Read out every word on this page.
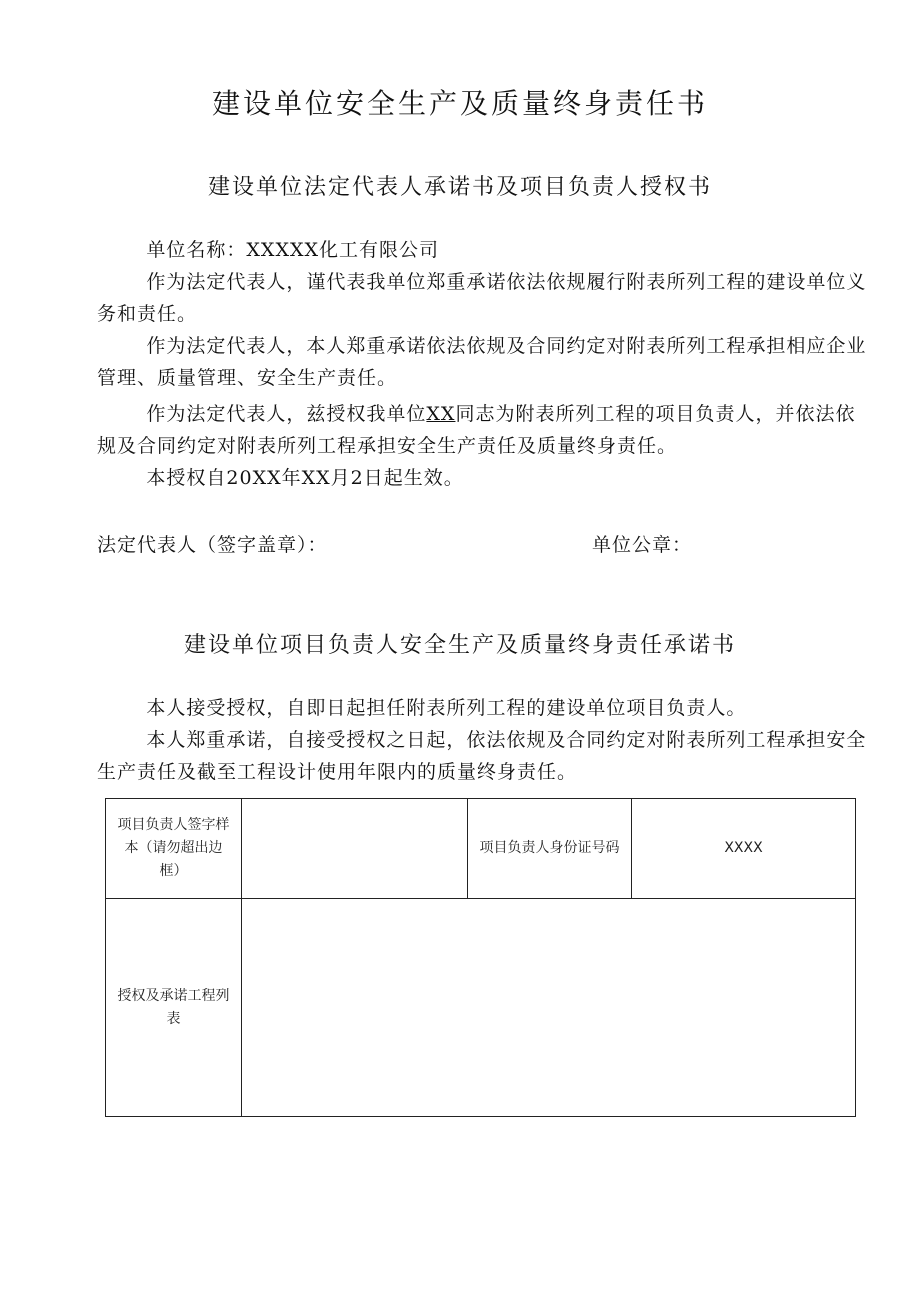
建设单位安全生产及质量终身责任书
建设单位法定代表人承诺书及项目负责人授权书

单位名称：XXXXX化工有限公司

作为法定代表人，谨代表我单位郑重承诺依法依规履行附表所列工程的建设单位义务和责任。

作为法定代表人，本人郑重承诺依法依规及合同约定对附表所列工程承担相应企业管理、质量管理、安全生产责任。

作为法定代表人，兹授权我单位XX同志为附表所列工程的项目负责人，并依法依规及合同约定对附表所列工程承担安全生产责任及质量终身责任。

本授权自20XX年XX月2日起生效。

法定代表人（签字盖章）：	单位公章：
建设单位项目负责人安全生产及质量终身责任承诺书

本人接受授权，自即日起担任附表所列工程的建设单位项目负责人。

本人郑重承诺，自接受授权之日起，依法依规及合同约定对附表所列工程承担安全生产责任及截至工程设计使用年限内的质量终身责任。

项目负责人签字样本（请勿超出边框）		项目负责人身份证号码	XXXX
授权及承诺工程列表			
